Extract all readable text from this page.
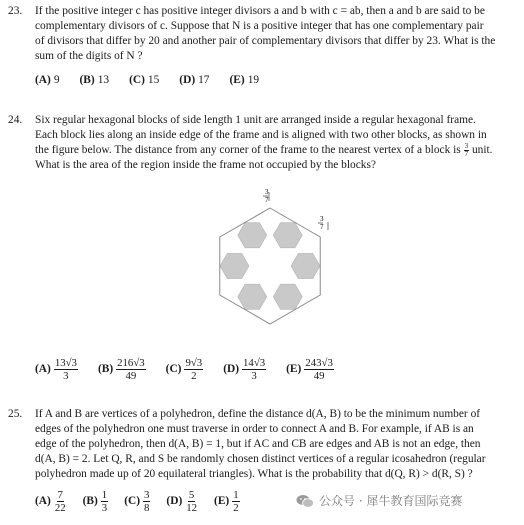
23. If the positive integer c has positive integer divisors a and b with c = ab, then a and b are said to be

complementary divisors of c. Suppose that N is a positive integer that has one complementary pair

of divisors that differ by 20 and another pair of complementary divisors that differ by 23. What is the

sum of the digits of N ?

(A) 9 (B) 13 (C) 15 (D) 17 (E) 19
24. Six regular hexagonal blocks of side length 1 unit are arranged inside a regular hexagonal frame.

Each block lies along an inside edge of the frame and is aligned with two other blocks, as shown in

the figure below. The distance from any corner of the frame to the nearest vertex of a block is $\frac{3}{7}$ unit.

What is the area of the region inside the frame not occupied by the blocks?

3
7
3
7
$(A) \frac{13√3}{3} (B) \frac{216√3}{49} (C) \frac{9√3}{2} (D) \frac{14√3}{3} (E) \frac{243√3}{49}$
25. If A and B are vertices of a polyhedron, define the distance d(A, B) to be the minimum number of

edges of the polyhedron one must traverse in order to connect A and B. For example, if AB is an

edge of the polyhedron, then d(A, B) = 1, but if AC and CB are edges and AB is not an edge, then

d(A, B) = 2. Let Q, R, and S be randomly chosen distinct vertices of a regular icosahedron (regular

polyhedron made up of 20 equilateral triangles). What is the probability that d(Q, R) > d(R, S) ?

$(A) \frac{7}{22} (B) \frac{1}{3} (C) \frac{3}{8} (D) \frac{5}{12} (E) \frac{1}{2}$	公众号 · 犀牛教育国际竞赛
